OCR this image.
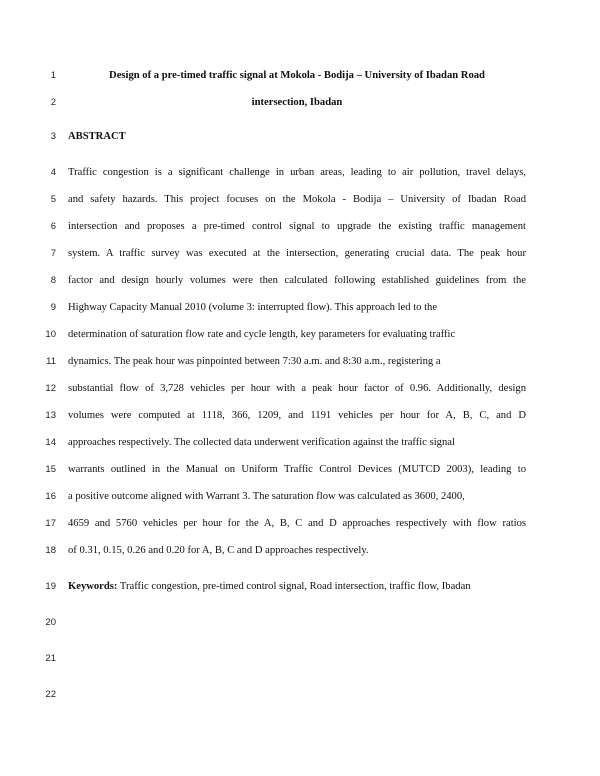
1	Design of a pre-timed traffic signal at Mokola - Bodija – University of Ibadan Road
2	intersection, Ibadan
3 ABSTRACT
4 Traffic congestion is a significant challenge in urban areas, leading to air pollution, travel delays,
5 and safety hazards. This project focuses on the Mokola - Bodija – University of Ibadan Road
6 intersection and proposes a pre-timed control signal to upgrade the existing traffic management
7 system. A traffic survey was executed at the intersection, generating crucial data. The peak hour
8 factor and design hourly volumes were then calculated following established guidelines from the
9 Highway Capacity Manual 2010 (volume 3: interrupted flow). This approach led to the
10 determination of saturation flow rate and cycle length, key parameters for evaluating traffic
11 dynamics. The peak hour was pinpointed between 7:30 a.m. and 8:30 a.m., registering a
12 substantial flow of 3,728 vehicles per hour with a peak hour factor of 0.96. Additionally, design
13 volumes were computed at 1118, 366, 1209, and 1191 vehicles per hour for A, B, C, and D
14 approaches respectively. The collected data underwent verification against the traffic signal
15 warrants outlined in the Manual on Uniform Traffic Control Devices (MUTCD 2003), leading to
16 a positive outcome aligned with Warrant 3. The saturation flow was calculated as 3600, 2400,
17 4659 and 5760 vehicles per hour for the A, B, C and D approaches respectively with flow ratios
18 of 0.31, 0.15, 0.26 and 0.20 for A, B, C and D approaches respectively.
19 Keywords: Traffic congestion, pre-timed control signal, Road intersection, traffic flow, Ibadan
20
21
22
